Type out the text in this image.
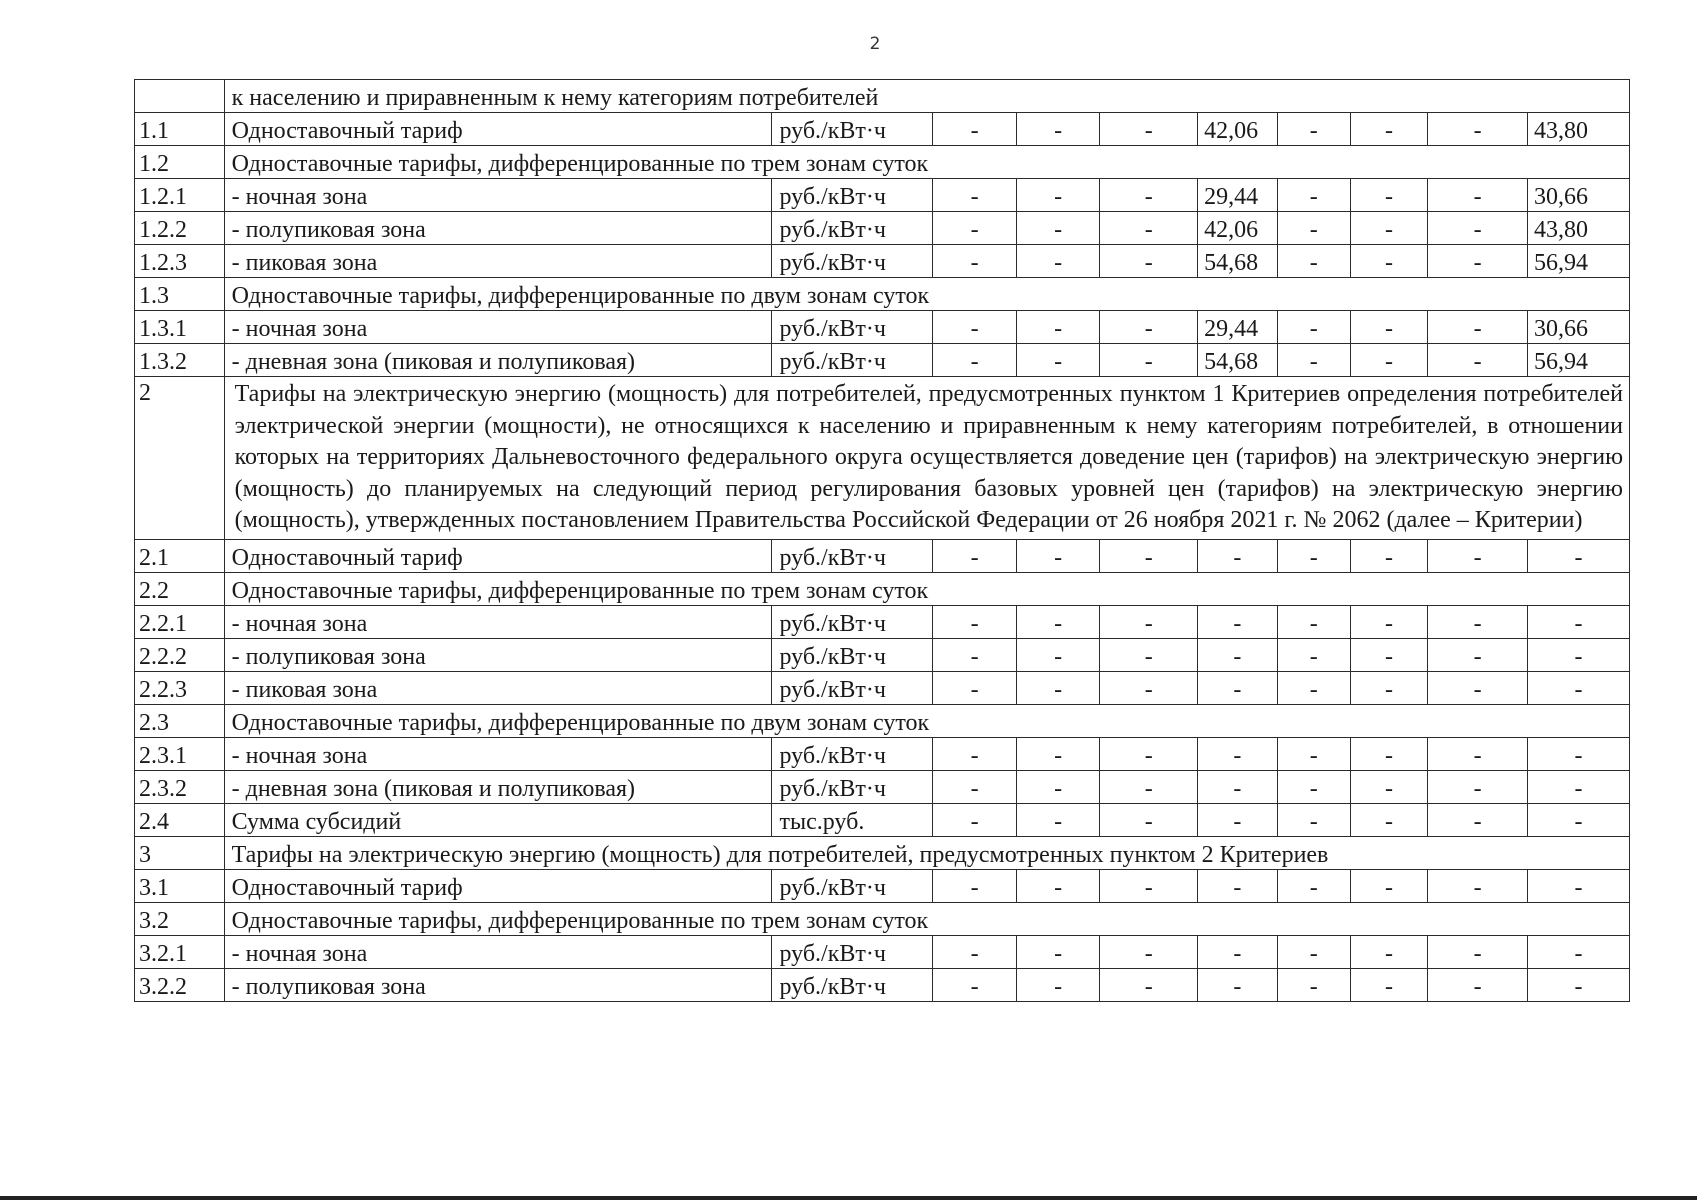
2
	к населению и приравненным к нему категориям потребителей									
1.1	Одноставочный тариф	руб./кВт·ч	-	-	-	42,06	-	-	-	43,80
1.2	Одноставочные тарифы, дифференцированные по трем зонам суток									
1.2.1	- ночная зона	руб./кВт·ч	-	-	-	29,44	-	-	-	30,66
1.2.2	- полупиковая зона	руб./кВт·ч	-	-	-	42,06	-	-	-	43,80
1.2.3	- пиковая зона	руб./кВт·ч	-	-	-	54,68	-	-	-	56,94
1.3	Одноставочные тарифы, дифференцированные по двум зонам суток									
1.3.1	- ночная зона	руб./кВт·ч	-	-	-	29,44	-	-	-	30,66
1.3.2	- дневная зона (пиковая и полупиковая)	руб./кВт·ч	-	-	-	54,68	-	-	-	56,94
2	Тарифы на электрическую энергию (мощность) для потребителей, предусмотренных пунктом 1 Критериев определения потребителей электрической энергии (мощности), не относящихся к населению и приравненным к нему категориям потребителей, в отношении которых на территориях Дальневосточного федерального округа осуществляется доведение цен (тарифов) на электрическую энергию (мощность) до планируемых на следующий период регулирования базовых уровней цен (тарифов) на электрическую энергию (мощность), утвержденных постановлением Правительства Российской Федерации от 26 ноября 2021 г. № 2062 (далее – Критерии)									
2.1	Одноставочный тариф	руб./кВт·ч	-	-	-	-	-	-	-	-
2.2	Одноставочные тарифы, дифференцированные по трем зонам суток									
2.2.1	- ночная зона	руб./кВт·ч	-	-	-	-	-	-	-	-
2.2.2	- полупиковая зона	руб./кВт·ч	-	-	-	-	-	-	-	-
2.2.3	- пиковая зона	руб./кВт·ч	-	-	-	-	-	-	-	-
2.3	Одноставочные тарифы, дифференцированные по двум зонам суток									
2.3.1	- ночная зона	руб./кВт·ч	-	-	-	-	-	-	-	-
2.3.2	- дневная зона (пиковая и полупиковая)	руб./кВт·ч	-	-	-	-	-	-	-	-
2.4	Сумма субсидий	тыс.руб.	-	-	-	-	-	-	-	-
3	Тарифы на электрическую энергию (мощность) для потребителей, предусмотренных пунктом 2 Критериев									
3.1	Одноставочный тариф	руб./кВт·ч	-	-	-	-	-	-	-	-
3.2	Одноставочные тарифы, дифференцированные по трем зонам суток									
3.2.1	- ночная зона	руб./кВт·ч	-	-	-	-	-	-	-	-
3.2.2	- полупиковая зона	руб./кВт·ч	-	-	-	-	-	-	-	-
